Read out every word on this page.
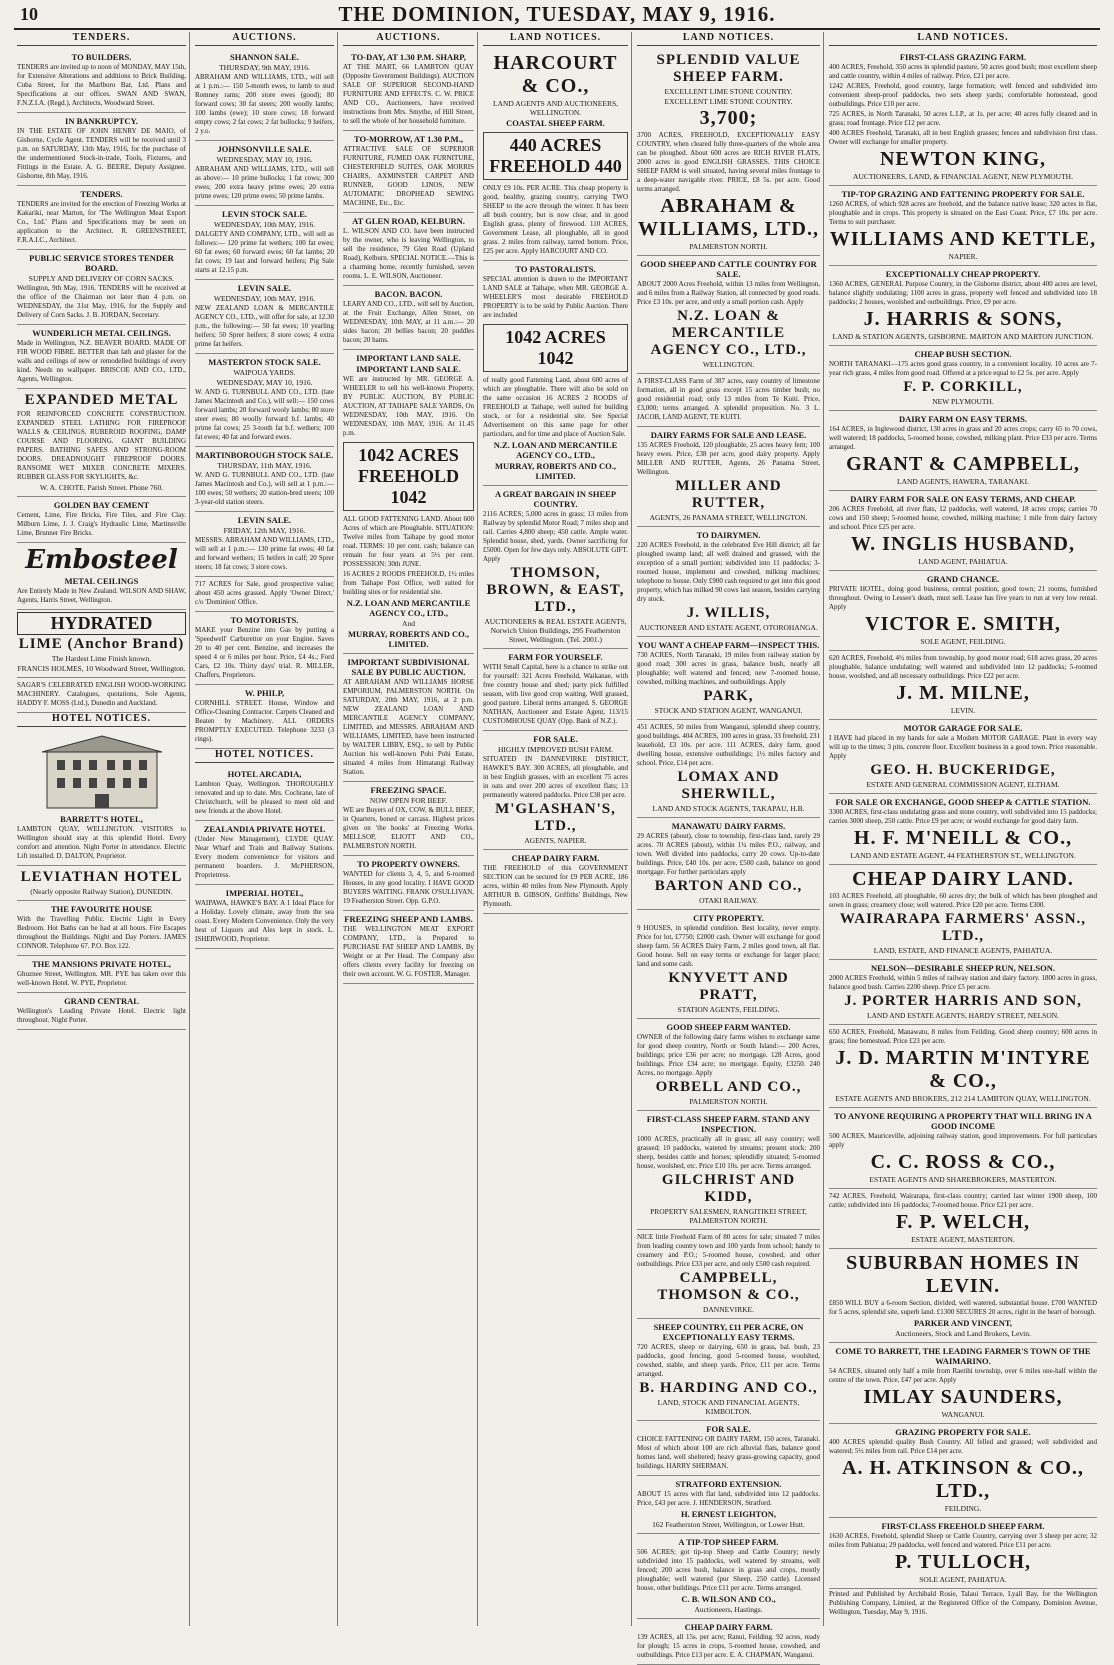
10	THE DOMINION, TUESDAY, MAY 9, 1916.
TENDERS.
TO BUILDERS.
TENDERS are invited up to noon of MONDAY, MAY 15th, for Extensive Alterations and additions to Brick Building, Cuba Street, for the Marlboro Bar, Ltd. Plans and Specifications at our offices. SWAN AND SWAN, F.N.Z.I.A. (Regd.), Architects, Woodward Street.
IN BANKRUPTCY.
IN THE ESTATE OF JOHN HENRY DE MAIO, of Gisborne, Cycle Agent. TENDERS will be received until 3 p.m. on SATURDAY, 13th May, 1916, for the purchase of the undermentioned Stock-in-trade, Tools, Fixtures, and Fittings in the Estate. A. G. BEERE, Deputy Assignee. Gisborne, 8th May, 1916.
TENDERS.
TENDERS are invited for the erection of Freezing Works at Kakariki, near Marton, for 'The Wellington Meat Export Co., Ltd.' Plans and Specifications may be seen on application to the Architect. R. GREENSTREET, F.R.A.I.C., Architect.
PUBLIC SERVICE STORES TENDER BOARD.
SUPPLY AND DELIVERY OF CORN SACKS.
Wellington, 9th May, 1916. TENDERS will be received at the office of the Chairman not later than 4 p.m. on WEDNESDAY, the 31st May, 1916, for the Supply and Delivery of Corn Sacks. J. B. JORDAN, Secretary.
WUNDERLICH METAL CEILINGS.
Made in Wellington, N.Z. BEAVER BOARD. MADE OF FIR WOOD FIBRE. BETTER than lath and plaster for the walls and ceilings of new or remodelled buildings of every kind. Needs no wallpaper. BRISCOE AND CO., LTD., Agents, Wellington.
EXPANDED METAL
FOR REINFORCED CONCRETE CONSTRUCTION. EXPANDED STEEL LATHING FOR FIREPROOF WALLS & CEILINGS. RUBEROID ROOFING, DAMP COURSE AND FLOORING. GIANT BUILDING PAPERS. BATHING SAFES AND STRONG-ROOM DOORS. DREADNOUGHT FIREPROOF DOORS. RANSOME WET MIXER CONCRETE MIXERS. RUBBER GLASS FOR SKYLIGHTS, &c.
W. A. CHOTE. Parish Street. Phone 760.
GOLDEN BAY CEMENT
Cement, Lime, Fire Bricks, Fire Tiles, and Fire Clay. Milburn Lime, J. J. Craig's Hydraulic Lime, Martinsville Lime, Brunner Fire Bricks.
Embosteel
METAL CEILINGS
Are Entirely Made in New Zealand. WILSON AND SHAW, Agents, Harris Street, Wellington.
HYDRATED
LIME (Anchor Brand)
The Hardest Lime Finish known.
FRANCIS HOLMES, 10 Woodward Street, Wellington.
SAGAR'S CELEBRATED ENGLISH WOOD-WORKING MACHINERY. Catalogues, quotations, Sole Agents, HADDY F. MOSS (Ltd.), Dunedin and Auckland.
HOTEL NOTICES.
BARRETT'S HOTEL,
LAMBTON QUAY, WELLINGTON. VISITORS to Wellington should stay at this splendid Hotel. Every comfort and attention. Night Porter in attendance. Electric Lift installed. D. DALTON, Proprietor.
LEVIATHAN HOTEL
(Nearly opposite Railway Station), DUNEDIN.
THE FAVOURITE HOUSE
With the Travelling Public. Electric Light in Every Bedroom. Hot Baths can be had at all hours. Fire Escapes throughout the Buildings. Night and Day Porters. JAMES CONNOR. Telephone 67. P.O. Box 122.
THE MANSIONS PRIVATE HOTEL,
Ghuznee Street, Wellington. MR. PYE has taken over this well-known Hotel. W. PYE, Proprietor.
GRAND CENTRAL
Wellington's Leading Private Hotel. Electric light throughout. Night Porter.
AUCTIONS.
SHANNON SALE.
THURSDAY, 9th MAY, 1916.
ABRAHAM AND WILLIAMS, LTD., will sell at 1 p.m.:— 150 5-month ewes, to lamb to stud Romney rams; 200 store ewes (good); 80 forward cows; 30 fat steers; 200 woolly lambs; 100 lambs (ewe); 10 store cows; 18 forward empty cows; 2 fat cows; 2 fat bullocks; 9 heifers, 2 y.o.
JOHNSONVILLE SALE.
WEDNESDAY, MAY 10, 1916.
ABRAHAM AND WILLIAMS, LTD., will sell as above:— 10 prime bullocks; 1 fat cows; 300 ewes; 200 extra heavy prime ewes; 20 extra prime ewes; 120 prime ewes; 50 prime lambs.
LEVIN STOCK SALE.
WEDNESDAY, 10th MAY, 1916.
DALGETY AND COMPANY, LTD., will sell as follows:— 120 prime fat wethers; 100 fat ewes; 60 fat ewes; 60 forward ewes; 60 fat lambs; 20 fat cows; 19 last and forward heifers; Pig Sale starts at 12.15 p.m.
LEVIN SALE.
WEDNESDAY, 10th MAY, 1916.
NEW ZEALAND LOAN & MERCANTILE AGENCY CO., LTD., will offer for sale, at 12.30 p.m., the following:— 50 fat ewes; 10 yearling heifers; 50 Sprer heifers; 8 store cows; 4 extra prime fat heifers.
MASTERTON STOCK SALE.
WAIPOUA YARDS.
WEDNESDAY, MAY 10, 1916.
W. AND G. TURNBULL AND CO., LTD. (late James Macintosh and Co.), will sell:— 150 cows forward lambs; 20 forward wooly lambs; 80 store steer ewes; 80 woolly forward b.f. lambs; 40 prime fat cows; 25 3-tooth fat b.f. wethers; 100 fat ewes; 40 fat and forward ewes.
MARTINBOROUGH STOCK SALE.
THURSDAY, 11th MAY, 1916.
W. AND G. TURNBULL AND CO., LTD. (late James Macintosh and Co.), will sell at 1 p.m.:— 100 ewes; 50 wethers; 20 station-bred steers; 100 3-year-old station steers.
LEVIN SALE.
FRIDAY, 12th MAY, 1916.
MESSRS. ABRAHAM AND WILLIAMS, LTD., will sell at 1 p.m.:— 130 prime fat ewes; 40 fat and forward wethers; 15 heifers in calf; 20 Sprer steers; 18 fat cows; 3 store cows.
717 ACRES for Sale, good prospective value; about 450 acres grassed. Apply 'Owner Direct,' c/o 'Dominion' Office.
TO MOTORISTS.
MAKE your Benzine into Gas by putting a 'Speedwell' Carburettor on your Engine. Saves 20 to 40 per cent. Benzine, and increases the speed 4 or 6 miles per hour. Price, £4 4s.; Ford Cars, £2 10s. Thirty days' trial. R. MILLER, Chaffers, Proprietors.
W. PHILP,
CORNHILL STREET. House, Window and Office-Cleaning Contractor. Carpets Cleaned and Beaten by Machinery. ALL ORDERS PROMPTLY EXECUTED. Telephone 3233 (3 rings).
HOTEL NOTICES.
HOTEL ARCADIA,
Lambton Quay, Wellington. THOROUGHLY renovated and up to date. Mrs. Cochrane, late of Christchurch, will be pleased to meet old and new friends at the above Hotel.
ZEALANDIA PRIVATE HOTEL
(Under New Management), CLYDE QUAY. Near Wharf and Train and Railway Stations. Every modern convenience for visitors and permanent boarders. J. McPHERSON, Proprietress.
IMPERIAL HOTEL,
WAIPAWA, HAWKE'S BAY. A 1 Ideal Place for a Holiday. Lovely climate, away from the sea coast. Every Modern Convenience. Only the very best of Liquors and Ales kept in stock. L. ISHERWOOD, Proprietor.
AUCTIONS.
TO-DAY, AT 1.30 P.M. SHARP,
AT THE MART, 66 LAMBTON QUAY (Opposite Government Buildings). AUCTION SALE OF SUPERIOR SECOND-HAND FURNITURE AND EFFECTS. C. W. PRICE AND CO., Auctioneers, have received instructions from Mrs. Smythe, of Hill Street, to sell the whole of her household furniture.
TO-MORROW, AT 1.30 P.M.,
ATTRACTIVE SALE OF SUPERIOR FURNITURE, FUMED OAK FURNITURE, CHESTERFIELD SUITES, OAK MORRIS CHAIRS, AXMINSTER CARPET AND RUNNER, GOOD LINOS, NEW AUTOMATIC DROPHEAD SEWING MACHINE, Etc., Etc.
AT GLEN ROAD, KELBURN.
L. WILSON AND CO. have been instructed by the owner, who is leaving Wellington, to sell the residence, 79 Glen Road (Upland Road), Kelburn. SPECIAL NOTICE.—This is a charming home, recently furnished, seven rooms. L. E. WILSON, Auctioneer.
BACON. BACON.
LEARY AND CO., LTD., will sell by Auction, at the Fruit Exchange, Allen Street, on WEDNESDAY, 10th MAY, at 11 a.m.:— 20 sides bacon; 20 bellies bacon; 20 puddles bacon; 20 hams.
IMPORTANT LAND SALE.
IMPORTANT LAND SALE.
WE are instructed by MR. GEORGE A. WHEELER to sell his well-known Property, BY PUBLIC AUCTION, BY PUBLIC AUCTION, AT TAIHAPE SALE YARDS, On WEDNESDAY, 10th MAY, 1916. On WEDNESDAY, 10th MAY, 1916. At 11.45 p.m.
1042 ACRES FREEHOLD 1042
ALL GOOD FATTENING LAND. About 600 Acres of which are Ploughable. SITUATION: Twelve miles from Taihape by good motor road. TERMS: 10 per cent. cash; balance can remain for four years at 5½ per cent. POSSESSION: 30th JUNE.
16 ACRES 2 ROODS FREEHOLD, 1½ miles from Taihape Post Office, well suited for building sites or for residential site.
N.Z. LOAN AND MERCANTILE AGENCY CO., LTD.,
And
MURRAY, ROBERTS AND CO., LIMITED.
IMPORTANT SUBDIVISIONAL SALE BY PUBLIC AUCTION.
AT ABRAHAM AND WILLIAMS HORSE EMPORIUM, PALMERSTON NORTH. On SATURDAY, 20th MAY, 1916, at 2 p.m. NEW ZEALAND LOAN AND MERCANTILE AGENCY COMPANY, LIMITED, and MESSRS. ABRAHAM AND WILLIAMS, LIMITED, have been instructed by WALTER LIBBY, ESQ., to sell by Public Auction his well-known Pohi Pohi Estate, situated 4 miles from Himatangi Railway Station.
FREEZING SPACE.
NOW OPEN FOR BEEF.
WE are Buyers of OX, COW, & BULL BEEF, in Quarters, boned or carcass. Highest prices given on 'the hooks' at Freezing Works. MELLSOP, ELIOTT AND CO., PALMERSTON NORTH.
TO PROPERTY OWNERS.
WANTED for clients 3, 4, 5, and 6-roomed Houses, in any good locality. I HAVE GOOD BUYERS WAITING. FRANK O'SULLIVAN, 19 Featherston Street. Opp. G.P.O.
FREEZING SHEEP AND LAMBS.
THE WELLINGTON MEAT EXPORT COMPANY, LTD., is Prepared to PURCHASE FAT SHEEP AND LAMBS, By Weight or at Per Head. The Company also offers clients every facility for freezing on their own account. W. G. FOSTER, Manager.
LAND NOTICES.
HARCOURT & CO.,
LAND AGENTS AND AUCTIONEERS, WELLINGTON.
COASTAL SHEEP FARM.
440 ACRES FREEHOLD 440
ONLY £9 10s. PER ACRE. This cheap property is good, healthy, grazing country, carrying TWO SHEEP to the acre through the winter. It has been all bush country, but is now clear, and in good English grass, plenty of firewood. 110 ACRES, Government Lease, all ploughable, all in good grass. 2 miles from railway, tarred bottom. Price, £25 per acre. Apply HARCOURT AND CO.
TO PASTORALISTS.
SPECIAL attention is drawn to the IMPORTANT LAND SALE at Taihape, when MR. GEORGE A. WHEELER'S most desirable FREEHOLD PROPERTY is to be sold by Public Auction. There are included
1042 ACRES 1042
of really good Fattening Land, about 600 acres of which are ploughable. There will also be sold on the same occasion 16 ACRES 2 ROODS of FREEHOLD at Taihape, well suited for building stock, or for a residential site. See Special Advertisement on this same page for other particulars, and for time and place of Auction Sale.
N.Z. LOAN AND MERCANTILE AGENCY CO., LTD.,
MURRAY, ROBERTS AND CO., LIMITED.
A GREAT BARGAIN IN SHEEP COUNTRY.
2116 ACRES; 5,000 acres in grass; 13 miles from Railway by splendid Motor Road; 7 miles shop and rail. Carries 4,800 sheep; 450 cattle. Ample water. Splendid house, shed, yards. Owner sacrificing for £5000. Open for few days only. ABSOLUTE GIFT. Apply
THOMSON, BROWN, & EAST, LTD.,
AUCTIONEERS & REAL ESTATE AGENTS, Norwich Union Buildings, 295 Featherston Street, Wellington. (Tel. 2001.)
FARM FOR YOURSELF.
WITH Small Capital, here is a chance to strike out for yourself: 321 Acres Freehold, Waikanae, with free country house and shed; party pick fulfilled season, with live good crop waiting. Well grassed, good pasture. Liberal terms arranged. S. GEORGE NATHAN, Auctioneer and Estate Agent, 113/15 CUSTOMHOUSE QUAY (Opp. Bank of N.Z.).
FOR SALE.
HIGHLY IMPROVED BUSH FARM.
SITUATED IN DANNEVIRKE DISTRICT, HAWKE'S BAY. 300 ACRES, all ploughable, and in best English grasses, with an excellent 75 acres in oats and over 200 acres of excellent flats; 13 permanently watered paddocks. Price £38 per acre.
M'GLASHAN'S, LTD.,
AGENTS, NAPIER.
CHEAP DAIRY FARM.
THE FREEHOLD of this GOVERNMENT SECTION can be secured for £9 PER ACRE, 186 acres, within 40 miles from New Plymouth. Apply ARTHUR B. GIBSON, Griffiths' Buildings, New Plymouth.
LAND NOTICES.
SPLENDID VALUE SHEEP FARM.
EXCELLENT LIME STONE COUNTRY.
EXCELLENT LIME STONE COUNTRY.
3,700;
3700 ACRES, FREEHOLD, EXCEPTIONALLY EASY COUNTRY, when cleared fully three-quarters of the whole area can be ploughed. About 600 acres are RICH RIVER FLATS, 2000 acres in good ENGLISH GRASSES. THIS CHOICE SHEEP FARM is well situated, having several miles frontage to a deep-water navigable river. PRICE, £8 5s. per acre. Good terms arranged.
ABRAHAM & WILLIAMS, LTD.,
PALMERSTON NORTH.
GOOD SHEEP AND CATTLE COUNTRY FOR SALE.
ABOUT 2000 Acres Freehold, within 13 miles from Wellington, and 6 miles from a Railway Station, all connected by good roads. Price £3 10s. per acre, and only a small portion cash. Apply
N.Z. LOAN & MERCANTILE AGENCY CO., LTD.,
WELLINGTON.
A FIRST-CLASS Farm of 387 acres, easy country of limestone formation, all in good grass except 15 acres timber bush; no good residential road; only 13 miles from Te Kuiti. Price, £3,000; terms arranged. A splendid proposition. No. 3 L. JACOB, LAND AGENT, TE KUITI.
DAIRY FARMS FOR SALE AND LEASE.
135 ACRES Freehold, 120 ploughable, 25 acres heavy fern; 100 heavy ewes. Price, £38 per acre, good dairy property. Apply MILLER AND RUTTER, Agents, 26 Panama Street, Wellington.
MILLER AND RUTTER,
AGENTS, 26 PANAMA STREET, WELLINGTON.
TO DAIRYMEN.
220 ACRES Freehold, in the celebrated Eve Hill district; all far ploughed swamp land; all well drained and grassed, with the exception of a small portion; subdivided into 11 paddocks; 3-roomed house, implement and cowshed, milking machines; telephone to house. Only £900 cash required to get into this good property, which has milked 90 cows last season, besides carrying dry stock.
J. WILLIS,
AUCTIONEER AND ESTATE AGENT, OTOROHANGA.
YOU WANT A CHEAP FARM—INSPECT THIS.
730 ACRES, North Taranaki, 19 miles from railway station by good road; 300 acres in grass, balance bush, nearly all ploughable; well watered and fenced; new 7-roomed house, cowshed, milking machines, and outbuildings. Apply
PARK,
STOCK AND STATION AGENT, WANGANUI.
451 ACRES, 50 miles from Wanganui, splendid sheep country, good buildings. 404 ACRES, 100 acres in grass, 33 freehold, 231 leasehold, £3 10s. per acre. 111 ACRES, dairy farm, good dwelling house, extensive outbuildings; 1½ miles factory and school. Price, £14 per acre.
LOMAX AND SHERWILL,
LAND AND STOCK AGENTS, TAKAPAU, H.B.
MANAWATU DAIRY FARMS.
29 ACRES (about), close to township, first-class land, rarely 29 acres. 70 ACRES (about), within 1¼ miles P.O., railway, and town. Well divided into paddocks, carry 20 cows. Up-to-date buildings. Price, £40 10s. per acre, £500 cash, balance on good mortgage. For further particulars apply
BARTON AND CO.,
OTAKI RAILWAY.
CITY PROPERTY.
9 HOUSES, in splendid condition. Best locality, never empty. Price for lot, £7750; £2000 cash. Owner will exchange for good sheep farm. 56 ACRES Dairy Farm, 2 miles good town, all flat. Good house. Sell on easy terms or exchange for larger place; land and some cash.
KNYVETT AND PRATT,
STATION AGENTS, FEILDING.
GOOD SHEEP FARM WANTED.
OWNER of the following dairy farms wishes to exchange same for good sheep country, North or South Island:— 200 Acres, buildings; price £36 per acre; no mortgage. 128 Acres, good buildings. Price £34 acre; no mortgage. Equity, £3250. 240 Acres, no mortgage. Apply
ORBELL AND CO.,
PALMERSTON NORTH.
FIRST-CLASS SHEEP FARM. STAND ANY INSPECTION.
1000 ACRES, practically all in grass; all easy country; well grassed; 10 paddocks, watered by streams; present stock: 200 sheep, besides cattle and horses; splendidly situated; 5-roomed house, woolshed, etc. Price £10 10s. per acre. Terms arranged.
GILCHRIST AND KIDD,
PROPERTY SALESMEN, RANGITIKEI STREET, PALMERSTON NORTH.
NICE little Freehold Farm of 80 acres for sale; situated 7 miles from leading country town and 100 yards from school; handy to creamery and P.O.; 5-roomed house, cowshed, and other outbuildings. Price £33 per acre, and only £500 cash required.
CAMPBELL, THOMSON & CO.,
DANNEVIRKE.
SHEEP COUNTRY, £11 PER ACRE, ON EXCEPTIONALLY EASY TERMS.
720 ACRES, sheep or dairying, 650 in grass, bal. bush, 23 paddocks, good fencing, good 5-roomed house, woolshed, cowshed, stable, and sheep yards. Price, £11 per acre. Terms arranged.
B. HARDING AND CO.,
LAND, STOCK AND FINANCIAL AGENTS, KIMBOLTON.
FOR SALE.
CHOICE FATTENING OR DAIRY FARM, 150 acres, Taranaki. Most of which about 100 are rich alluvial flats, balance good homes land, well sheltered; heavy grass-growing capacity, good buildings. HARRY SHERMAN.
STRATFORD EXTENSION.
ABOUT 15 acres with flat land, subdivided into 12 paddocks. Price, £43 per acre. J. HENDERSON, Stratford.
H. ERNEST LEIGHTON,
162 Featherston Street, Wellington, or Lower Hutt.
A TIP-TOP SHEEP FARM.
506 ACRES; got tip-top Sheep and Cattle Country; newly subdivided into 15 paddocks, well watered by streams, well fenced; 200 acres bush, balance in grass and crops, mostly ploughable; well watered (pur Sheep, 250 cattle). Licensed house, other buildings. Price £11 per acre. Terms arranged.
C. B. WILSON AND CO.,
Auctioneers, Hastings.
CHEAP DAIRY FARM.
139 ACRES, all 15s. per acre; Ranui, Feilding. 92 acres, ready for plough; 15 acres in crops, 5-roomed house, cowshed, and outbuildings. Price £13 per acre. E. A. CHAPMAN, Wanganui.
LAND NOTICES.
FIRST-CLASS GRAZING FARM.
400 ACRES, Freehold, 350 acres in splendid pasture, 50 acres good bush; most excellent sheep and cattle country, within 4 miles of railway. Price, £21 per acre.
1242 ACRES, Freehold, good country, large formation; well fenced and subdivided into convenient sheep-proof paddocks, two sets sheep yards; comfortable homestead, good outbuildings. Price £10 per acre.
725 ACRES, in North Taranaki, 50 acres L.I.P., at 1s. per acre; 40 acres fully cleared and in grass; road frontage. Price £12 per acre.
400 ACRES Freehold, Taranaki, all in best English grasses; fences and subdivision first class. Owner will exchange for smaller property.
NEWTON KING,
AUCTIONEERS, LAND, & FINANCIAL AGENT, NEW PLYMOUTH.
TIP-TOP GRAZING AND FATTENING PROPERTY FOR SALE.
1260 ACRES, of which 928 acres are freehold, and the balance native lease; 320 acres in flat, ploughable and in crops. This property is situated on the East Coast. Price, £7 10s. per acre. Terms to suit purchaser.
WILLIAMS AND KETTLE,
NAPIER.
EXCEPTIONALLY CHEAP PROPERTY.
1360 ACRES, GENERAL Purpose Country, in the Gisborne district, about 400 acres are level, balance slightly undulating; 1100 acres in grass, property well fenced and subdivided into 18 paddocks; 2 houses, woolshed and outbuildings. Price, £9 per acre.
J. HARRIS & SONS,
LAND & STATION AGENTS, GISBORNE. MARTON AND MARTON JUNCTION.
CHEAP BUSH SECTION.
NORTH TARANAKI—175 acres good grass country, in a convenient locality. 10 acres are 7-year rich grass, 4 miles from good road. Offered at a price equal to £2 5s. per acre. Apply
F. P. CORKILL,
NEW PLYMOUTH.
DAIRY FARM ON EASY TERMS.
164 ACRES, in Inglewood district, 130 acres in grass and 20 acres crops; carry 65 to 70 cows, well watered; 18 paddocks, 5-roomed house, cowshed, milking plant. Price £33 per acre. Terms arranged.
GRANT & CAMPBELL,
LAND AGENTS, HAWERA, TARANAKI.
DAIRY FARM FOR SALE ON EASY TERMS, AND CHEAP.
206 ACRES Freehold, all river flats, 12 paddocks, well watered, 18 acres crops; carries 70 cows and 150 sheep; 5-roomed house, cowshed, milking machine; 1 mile from dairy factory and school. Price £25 per acre.
W. INGLIS HUSBAND,
LAND AGENT, PAHIATUA.
GRAND CHANCE.
PRIVATE HOTEL, doing good business, central position, good town; 21 rooms, furnished throughout. Owing to Lessee's death, must sell. Lease has five years to run at very low rental. Apply
VICTOR E. SMITH,
SOLE AGENT, FEILDING.
620 ACRES, Freehold, 4½ miles from township, by good motor road; 618 acres grass, 20 acres ploughable, balance undulating; well watered and subdivided into 12 paddocks; 5-roomed house, woolshed, and all necessary outbuildings. Price £22 per acre.
J. M. MILNE,
LEVIN.
MOTOR GARAGE FOR SALE.
I HAVE had placed in my hands for sale a Modern MOTOR GARAGE. Plant in every way will up to the times; 3 pits, concrete floor. Excellent business in a good town. Price reasonable. Apply
GEO. H. BUCKERIDGE,
ESTATE AND GENERAL COMMISSION AGENT, ELTHAM.
FOR SALE OR EXCHANGE, GOOD SHEEP & CATTLE STATION.
3300 ACRES, first-class undulating grass and stone country, well subdivided into 15 paddocks; carries 3000 sheep, 250 cattle. Price £9 per acre; or would exchange for good dairy farm.
H. F. M'NEILL & CO.,
LAND AND ESTATE AGENT, 44 FEATHERSTON ST., WELLINGTON.
CHEAP DAIRY LAND.
103 ACRES Freehold, all ploughable, 60 acres dry; the bulk of which has been ploughed and sown in grass; creamery close; well watered. Price £20 per acre. Terms £300.
WAIRARAPA FARMERS' ASSN., LTD.,
LAND, ESTATE, AND FINANCE AGENTS, PAHIATUA.
NELSON—DESIRABLE SHEEP RUN, NELSON.
2000 ACRES Freehold, within 5 miles of railway station and dairy factory. 1800 acres in grass, balance good bush. Carries 2200 sheep. Price £5 per acre.
J. PORTER HARRIS AND SON,
LAND AND ESTATE AGENTS, HARDY STREET, NELSON.
650 ACRES, Freehold, Manawatu, 8 miles from Feilding. Good sheep country; 600 acres in grass; fine homestead. Price £23 per acre.
J. D. MARTIN M'INTYRE & CO.,
ESTATE AGENTS AND BROKERS, 212 214 LAMBTON QUAY, WELLINGTON.
TO ANYONE REQUIRING A PROPERTY THAT WILL BRING IN A GOOD INCOME
500 ACRES, Mauriceville, adjoining railway station, good improvements. For full particulars apply
C. C. ROSS & CO.,
ESTATE AGENTS AND SHAREBROKERS, MASTERTON.
742 ACRES, Freehold, Wairarapa, first-class country; carried last winter 1900 sheep, 100 cattle; subdivided into 16 paddocks; 7-roomed house. Price £21 per acre.
F. P. WELCH,
ESTATE AGENT, MASTERTON.
SUBURBAN HOMES IN LEVIN.
£850 WILL BUY a 6-room Section, divided, well watered, substantial house. £700 WANTED for 5 acres, splendid site, superb land. £1300 SECURES 20 acres, right in the heart of borough.
PARKER AND VINCENT,
Auctioneers, Stock and Land Brokers, Levin.
COME TO BARRETT, THE LEADING FARMER'S TOWN OF THE WAIMARINO.
54 ACRES, situated only half a mile from Raetihi township, over 6 miles one-half within the centre of the town. Price, £47 per acre. Apply
IMLAY SAUNDERS,
WANGANUI.
GRAZING PROPERTY FOR SALE.
400 ACRES splendid quality Bush Country. All felled and grassed; well subdivided and watered; 5½ miles from rail. Price £14 per acre.
A. H. ATKINSON & CO., LTD.,
FEILDING.
FIRST-CLASS FREEHOLD SHEEP FARM.
1630 ACRES, Freehold, splendid Sheep or Cattle Country, carrying over 3 sheep per acre; 32 miles from Pahiatua; 29 paddocks, well fenced and watered. Price £11 per acre.
P. TULLOCH,
SOLE AGENT, PAHIATUA.
Printed and Published by Archibald Rosie, Talaui Terrace, Lyall Bay, for the Wellington Publishing Company, Limited, at the Registered Office of the Company, Dominion Avenue, Wellington, Tuesday, May 9, 1916.
